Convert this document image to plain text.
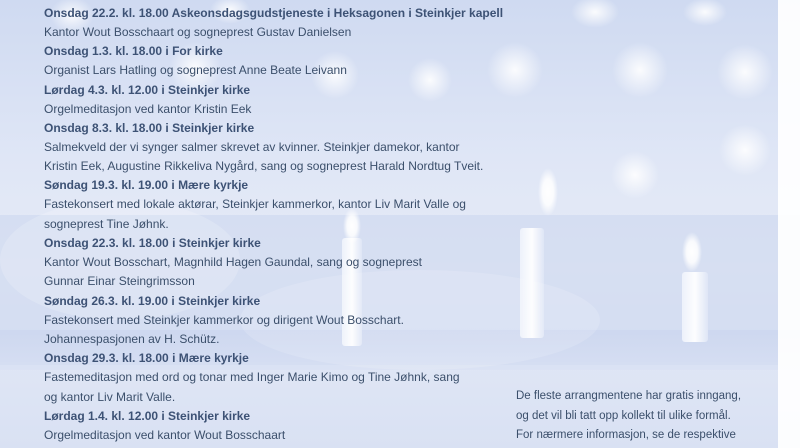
Onsdag 22.2. kl. 18.00 Askeonsdagsgudstjeneste i Heksagonen i Steinkjer kapell
Kantor Wout Bosschaart og sogneprest Gustav Danielsen
Onsdag 1.3. kl. 18.00 i For kirke
Organist Lars Hatling og sogneprest Anne Beate Leivann
Lørdag 4.3. kl. 12.00 i Steinkjer kirke
Orgelmeditasjon ved kantor Kristin Eek
Onsdag 8.3. kl. 18.00 i Steinkjer kirke
Salmekveld der vi synger salmer skrevet av kvinner. Steinkjer damekor, kantor
Kristin Eek, Augustine Rikkeliva Nygård, sang og sogneprest Harald Nordtug Tveit.
Søndag 19.3. kl. 19.00 i Mære kyrkje
Fastekonsert med lokale aktørar, Steinkjer kammerkor, kantor Liv Marit Valle og
sogneprest Tine Jøhnk.
Onsdag 22.3. kl. 18.00 i Steinkjer kirke
Kantor Wout Bosschart, Magnhild Hagen Gaundal, sang og sogneprest
Gunnar Einar Steingrimsson
Søndag 26.3. kl. 19.00 i Steinkjer kirke
Fastekonsert med Steinkjer kammerkor og dirigent Wout Bosschart.
Johannespasjonen av H. Schütz.
Onsdag 29.3. kl. 18.00 i Mære kyrkje
Fastemeditasjon med ord og tonar med Inger Marie Kimo og Tine Jøhnk, sang
og kantor Liv Marit Valle.
Lørdag 1.4. kl. 12.00 i Steinkjer kirke
Orgelmeditasjon ved kantor Wout Bosschaart
De fleste arrangmentene har gratis inngang,
og det vil bli tatt opp kollekt til ulike formål.
For nærmere informasjon, se de respektive
